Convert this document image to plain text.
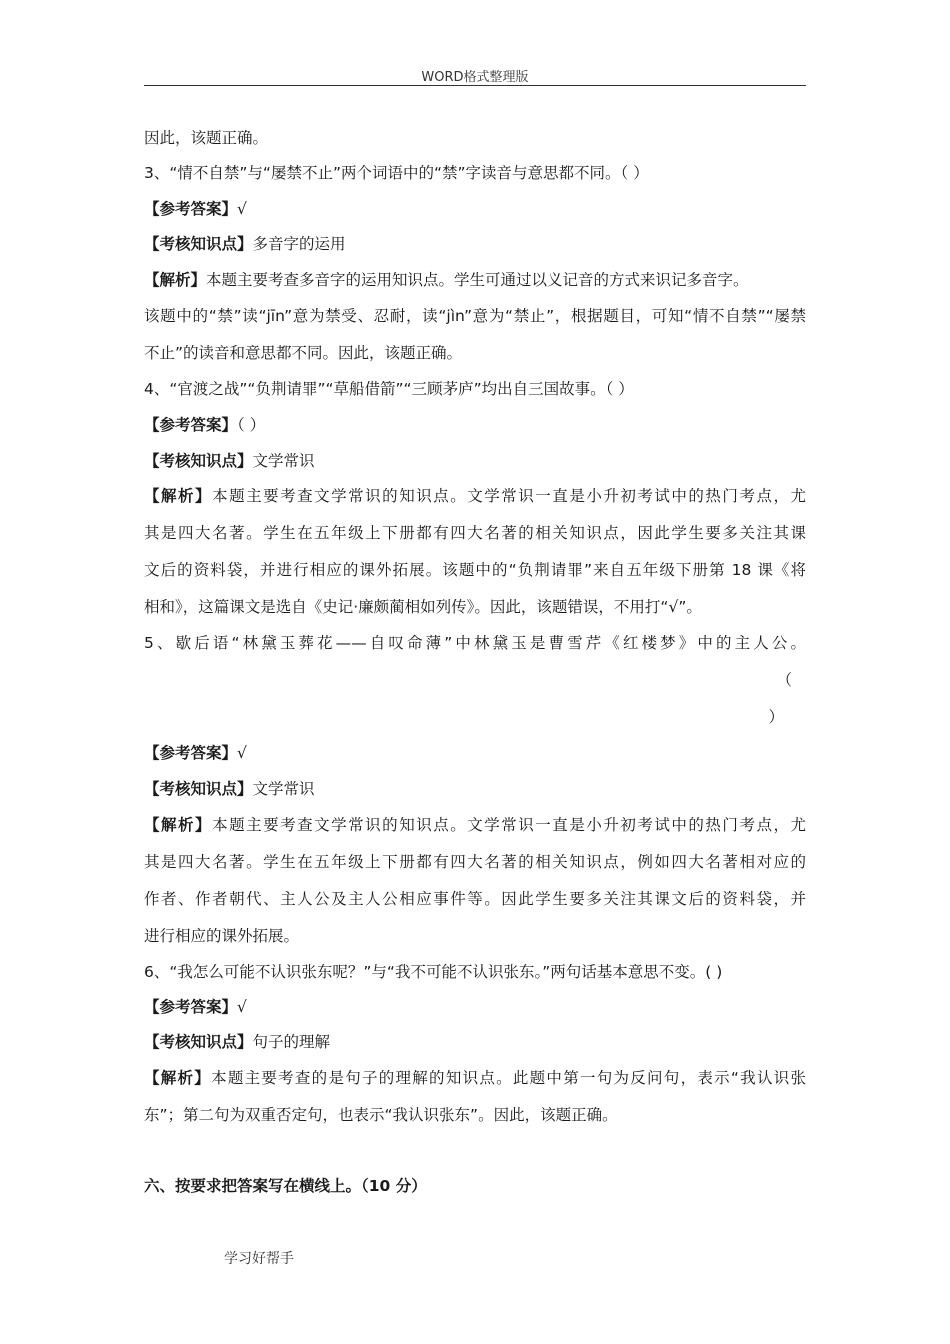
WORD格式整理版
因此，该题正确。
3、“情不自禁”与“屡禁不止”两个词语中的“禁”字读音与意思都不同。（ ）
【参考答案】√
【考核知识点】多音字的运用
【解析】本题主要考查多音字的运用知识点。学生可通过以义记音的方式来识记多音字。
该题中的“禁”读“jīn”意为禁受、忍耐，读“jìn”意为“禁止”，根据题目，可知“情不自禁”“屡禁
不止”的读音和意思都不同。因此，该题正确。
4、“官渡之战”“负荆请罪”“草船借箭”“三顾茅庐”均出自三国故事。（ ）
【参考答案】（ ）
【考核知识点】文学常识
【解析】本题主要考查文学常识的知识点。文学常识一直是小升初考试中的热门考点，尤
其是四大名著。学生在五年级上下册都有四大名著的相关知识点，因此学生要多关注其课
文后的资料袋，并进行相应的课外拓展。该题中的“负荆请罪”来自五年级下册第 18 课《将
相和》，这篇课文是选自《史记·廉颇蔺相如列传》。因此，该题错误，不用打“√”。
5、歇后语“林黛玉葬花——自叹命薄”中林黛玉是曹雪芹《红楼梦》中的主人公。
（
）
【参考答案】√
【考核知识点】文学常识
【解析】本题主要考查文学常识的知识点。文学常识一直是小升初考试中的热门考点，尤
其是四大名著。学生在五年级上下册都有四大名著的相关知识点，例如四大名著相对应的
作者、作者朝代、主人公及主人公相应事件等。因此学生要多关注其课文后的资料袋，并
进行相应的课外拓展。
6、“我怎么可能不认识张东呢？”与“我不可能不认识张东。”两句话基本意思不变。( )
【参考答案】√
【考核知识点】句子的理解
【解析】本题主要考查的是句子的理解的知识点。此题中第一句为反问句，表示“我认识张
东”；第二句为双重否定句，也表示“我认识张东”。因此，该题正确。
六、按要求把答案写在横线上。（10 分）
学习好帮手
